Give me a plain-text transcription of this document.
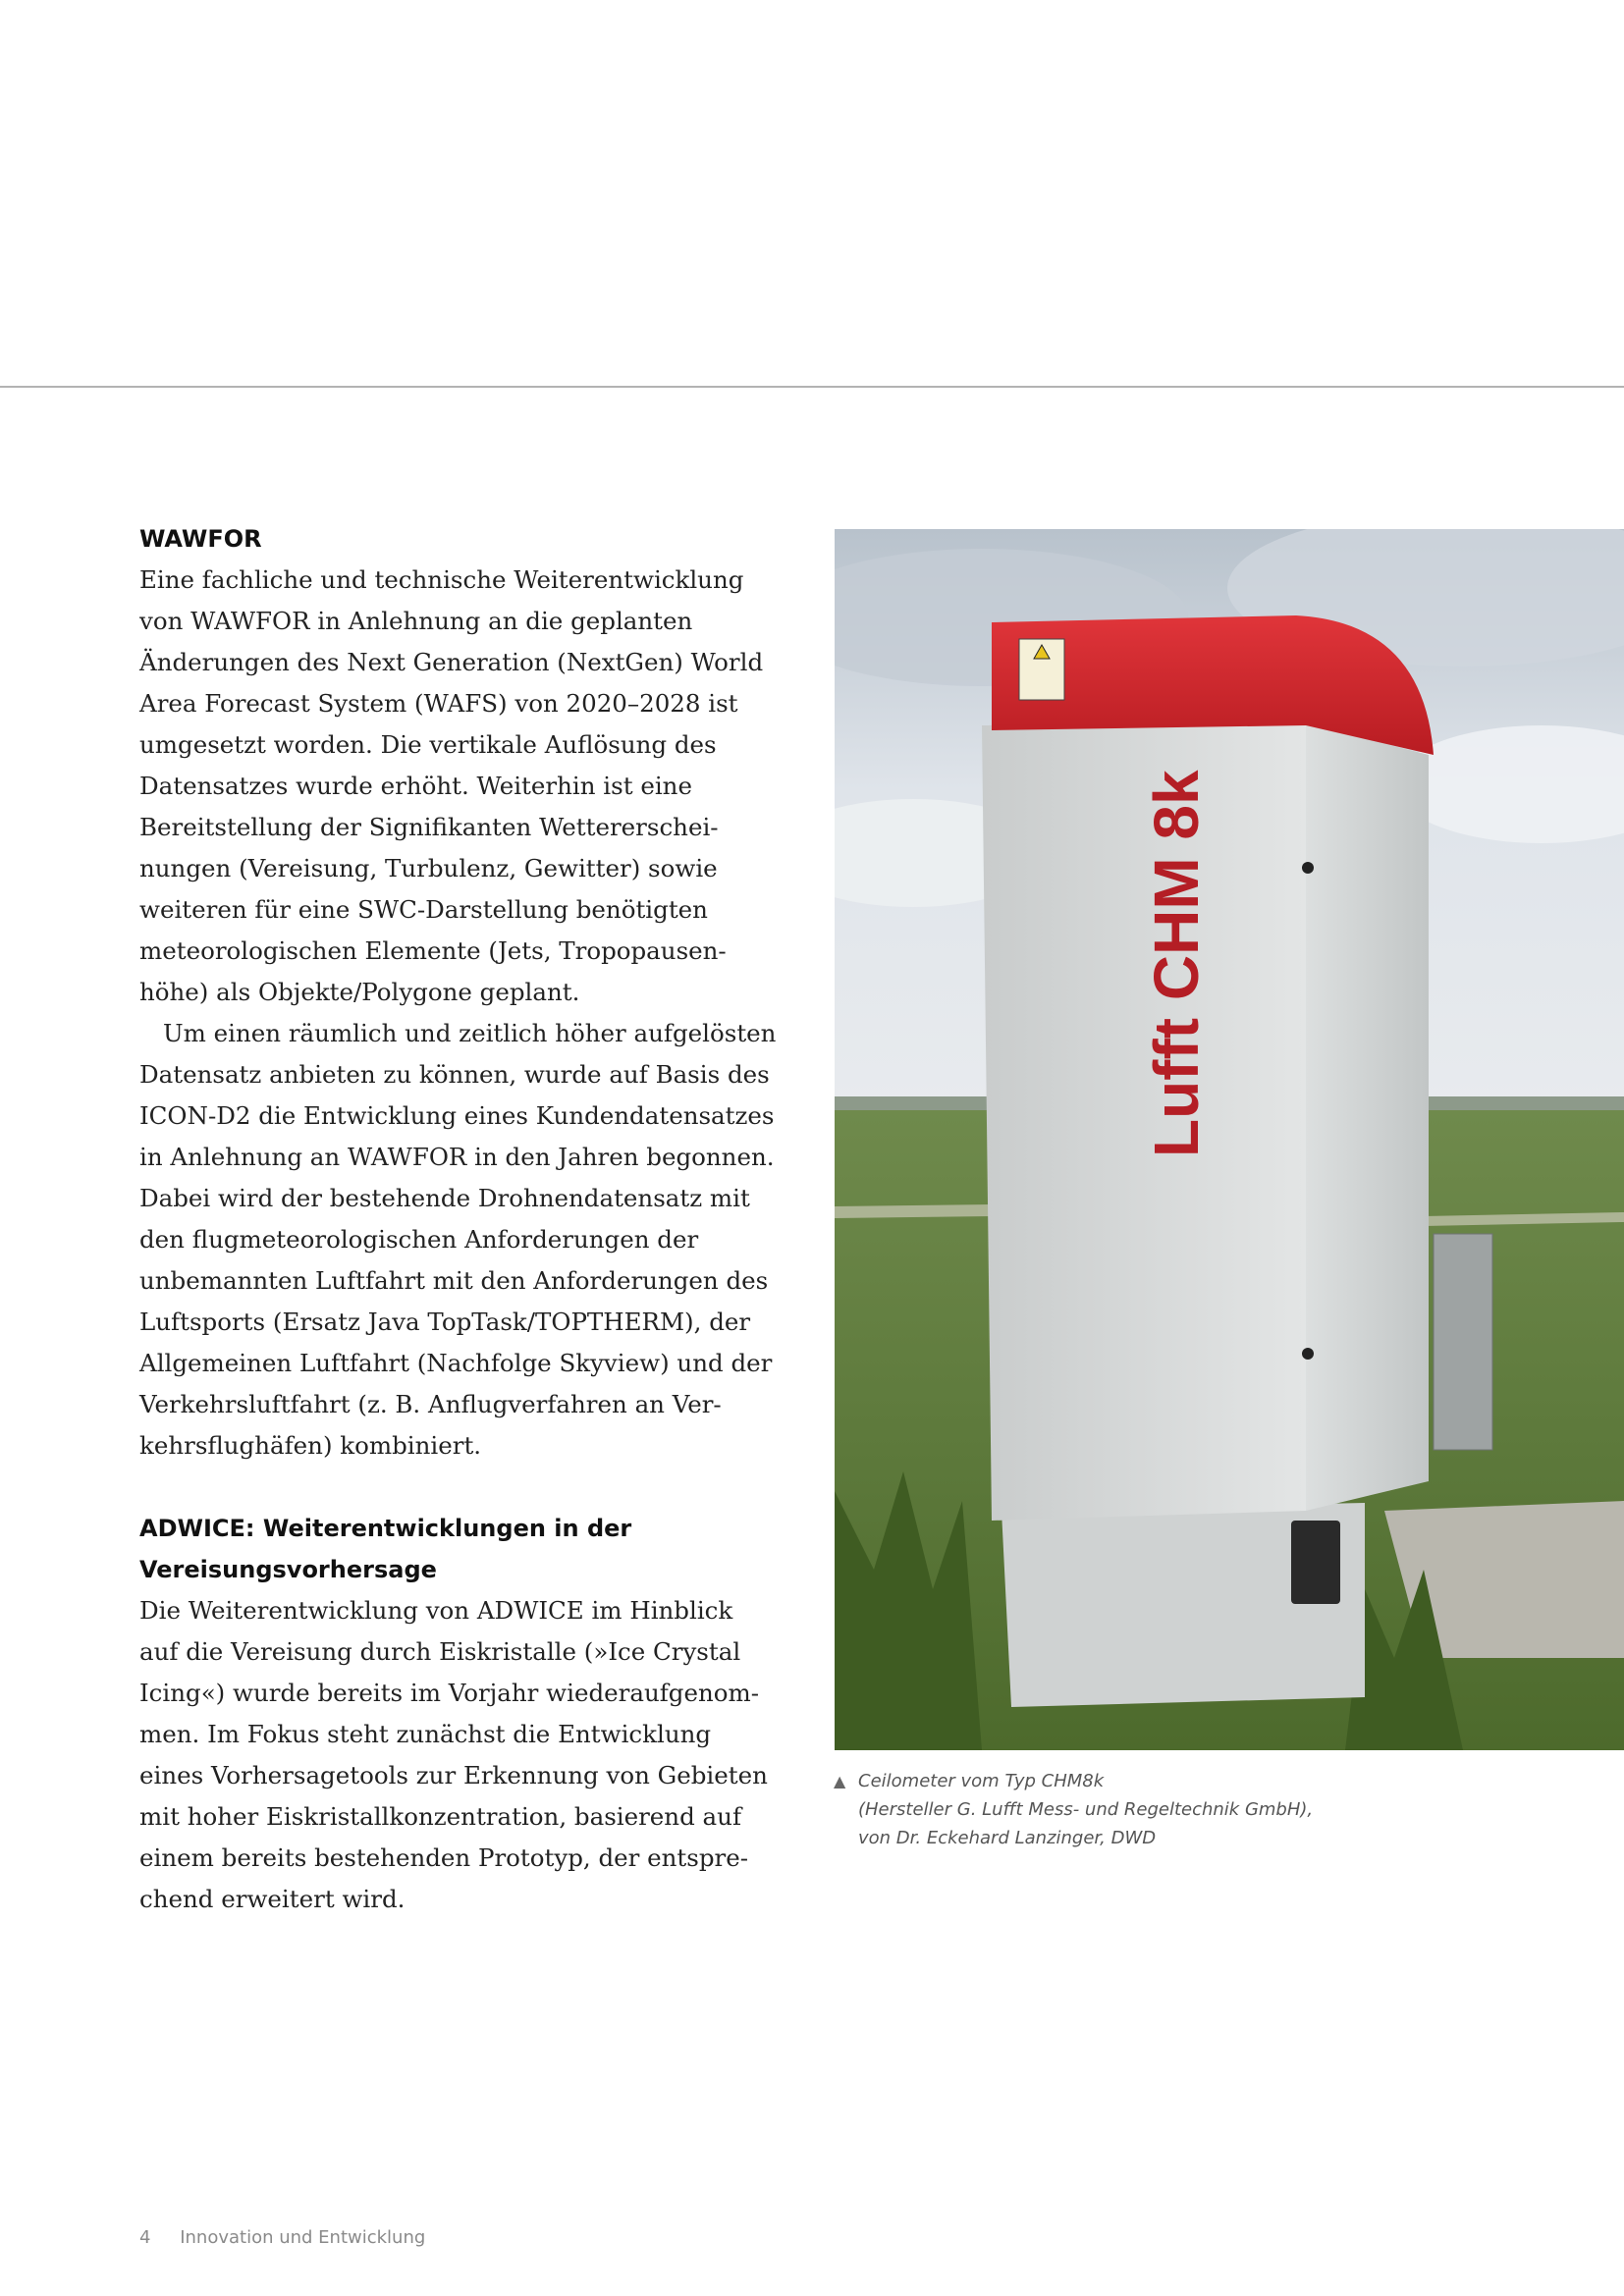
WAWFOR

Eine fachliche und technische Weiterentwicklung

von WAWFOR in Anlehnung an die geplanten

Änderungen des Next Generation (NextGen) World

Area Forecast System (WAFS) von 2020–2028 ist

umgesetzt worden. Die vertikale Auflösung des

Datensatzes wurde erhöht. Weiterhin ist eine

Bereitstellung der Signifikanten Wettererschei-

nungen (Vereisung, Turbulenz, Gewitter) sowie

weiteren für eine SWC-Darstellung benötigten

meteorologischen Elemente (Jets, Tropopausen-

höhe) als Objekte/Polygone geplant.

Um einen räumlich und zeitlich höher aufgelösten

Datensatz anbieten zu können, wurde auf Basis des

ICON-D2 die Entwicklung eines Kundendatensatzes

in Anlehnung an WAWFOR in den Jahren begonnen.

Dabei wird der bestehende Drohnendatensatz mit

den flugmeteorologischen Anforderungen der

unbemannten Luftfahrt mit den Anforderungen des

Luftsports (Ersatz Java TopTask/TOPTHERM), der

Allgemeinen Luftfahrt (Nachfolge Skyview) und der

Verkehrsluftfahrt (z. B. Anflugverfahren an Ver-

kehrsflughäfen) kombiniert.

ADWICE: Weiterentwicklungen in der
Vereisungsvorhersage

Die Weiterentwicklung von ADWICE im Hinblick

auf die Vereisung durch Eiskristalle (»Ice Crystal

Icing«) wurde bereits im Vorjahr wiederaufgenom-

men. Im Fokus steht zunächst die Entwicklung

eines Vorhersagetools zur Erkennung von Gebieten

mit hoher Eiskristallkonzentration, basierend auf

einem bereits bestehenden Prototyp, der entspre-

chend erweitert wird.

Lufft CHM 8k
▲ Ceilometer vom Typ CHM8k
(Hersteller G. Lufft Mess- und Regeltechnik GmbH),
von Dr. Eckehard Lanzinger, DWD
4 Innovation und Entwicklung
